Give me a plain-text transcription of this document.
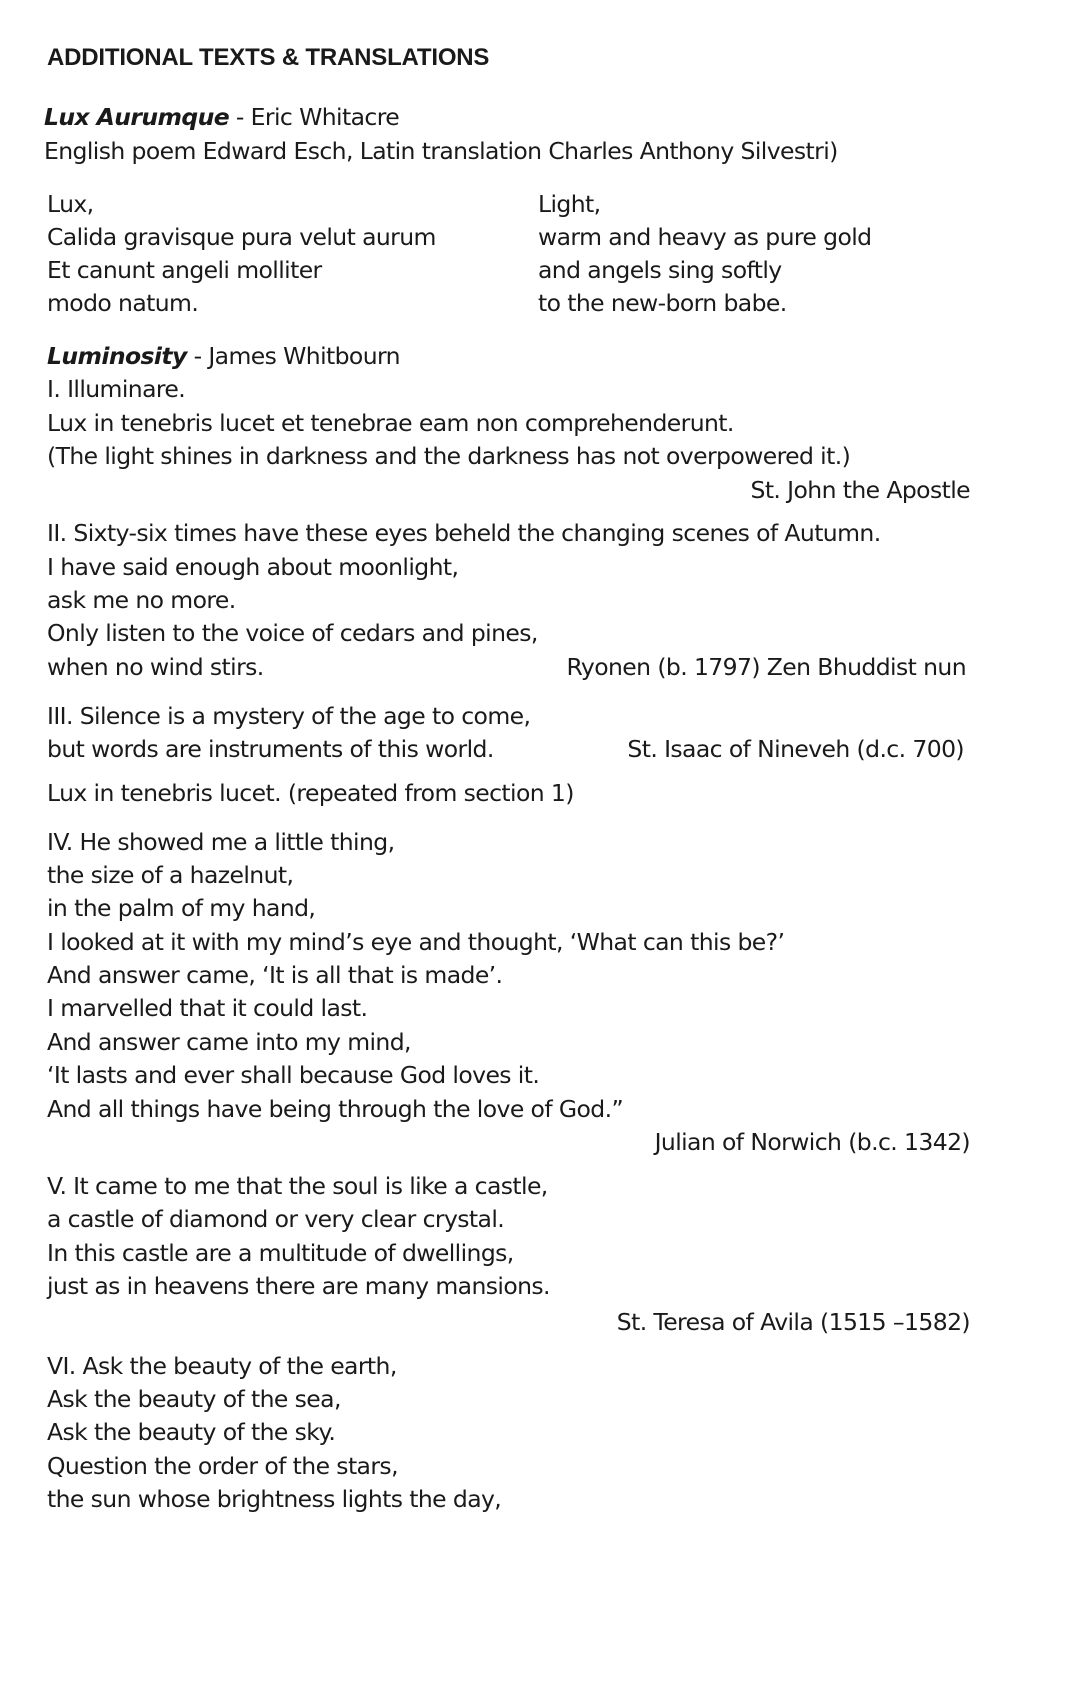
ADDITIONAL TEXTS & TRANSLATIONS
Lux Aurumque - Eric Whitacre
English poem Edward Esch, Latin translation Charles Anthony Silvestri)
Lux,
Calida gravisque pura velut aurum
Et canunt angeli molliter
modo natum.
Light,
warm and heavy as pure gold
and angels sing softly
to the new-born babe.
Luminosity - James Whitbourn
I. Illuminare.
Lux in tenebris lucet et tenebrae eam non comprehenderunt.
(The light shines in darkness and the darkness has not overpowered it.)
St. John the Apostle
II. Sixty-six times have these eyes beheld the changing scenes of Autumn.
I have said enough about moonlight,
ask me no more.
Only listen to the voice of cedars and pines,
when no wind stirs.	Ryonen (b. 1797) Zen Bhuddist nun
III. Silence is a mystery of the age to come,
but words are instruments of this world.	St. Isaac of Nineveh (d.c. 700)
Lux in tenebris lucet. (repeated from section 1)
IV. He showed me a little thing,
the size of a hazelnut,
in the palm of my hand,
I looked at it with my mind’s eye and thought, ‘What can this be?’
And answer came, ‘It is all that is made’.
I marvelled that it could last.
And answer came into my mind,
‘It lasts and ever shall because God loves it.
And all things have being through the love of God.”
Julian of Norwich (b.c. 1342)
V. It came to me that the soul is like a castle,
a castle of diamond or very clear crystal.
In this castle are a multitude of dwellings,
just as in heavens there are many mansions.
St. Teresa of Avila (1515 –1582)
VI. Ask the beauty of the earth,
Ask the beauty of the sea,
Ask the beauty of the sky.
Question the order of the stars,
the sun whose brightness lights the day,
